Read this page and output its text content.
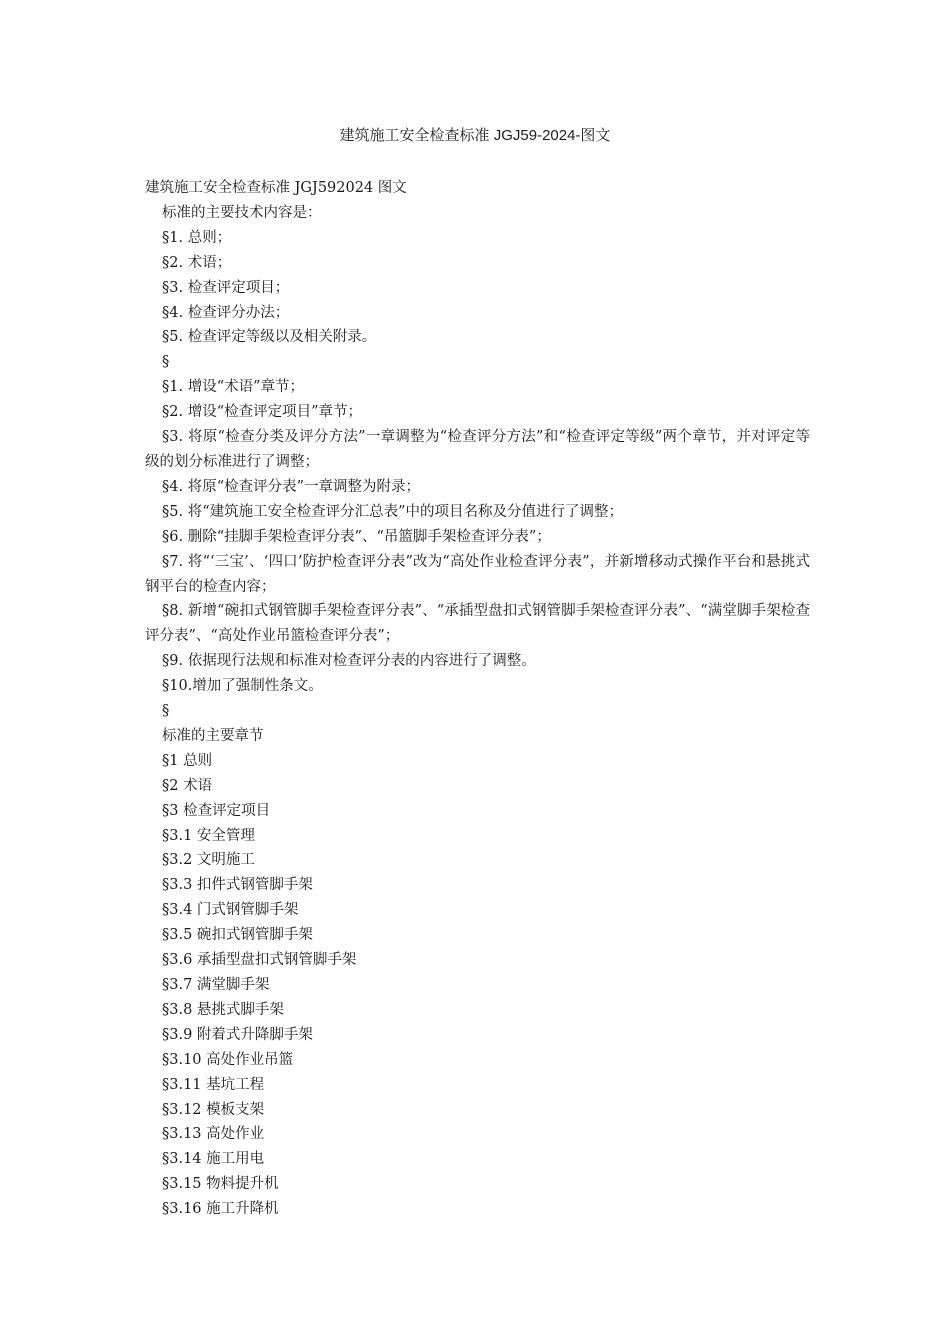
建筑施工安全检查标准 JGJ59-2024-图文

建筑施工安全检查标准 JGJ592024 图文

标准的主要技术内容是：

§1. 总则；

§2. 术语；

§3. 检查评定项目；

§4. 检查评分办法；

§5. 检查评定等级以及相关附录。

§

§1. 增设“术语”章节；

§2. 增设“检查评定项目”章节；

§3. 将原“检查分类及评分方法”一章调整为“检查评分方法”和“检查评定等级”两个章节，并对评定等级的划分标准进行了调整；

§4. 将原“检查评分表”一章调整为附录；

§5. 将“建筑施工安全检查评分汇总表”中的项目名称及分值进行了调整；

§6. 删除“挂脚手架检查评分表”、“吊篮脚手架检查评分表”；

§7. 将“‘三宝’、‘四口’防护检查评分表”改为“高处作业检查评分表”，并新增移动式操作平台和悬挑式钢平台的检查内容；

§8. 新增“碗扣式钢管脚手架检查评分表”、“承插型盘扣式钢管脚手架检查评分表”、“满堂脚手架检查评分表”、“高处作业吊篮检查评分表”；

§9. 依据现行法规和标准对检查评分表的内容进行了调整。

§10.增加了强制性条文。

§

标准的主要章节

§1 总则

§2 术语

§3 检查评定项目

§3.1 安全管理

§3.2 文明施工

§3.3 扣件式钢管脚手架

§3.4 门式钢管脚手架

§3.5 碗扣式钢管脚手架

§3.6 承插型盘扣式钢管脚手架

§3.7 满堂脚手架

§3.8 悬挑式脚手架

§3.9 附着式升降脚手架

§3.10 高处作业吊篮

§3.11 基坑工程

§3.12 模板支架

§3.13 高处作业

§3.14 施工用电

§3.15 物料提升机

§3.16 施工升降机
